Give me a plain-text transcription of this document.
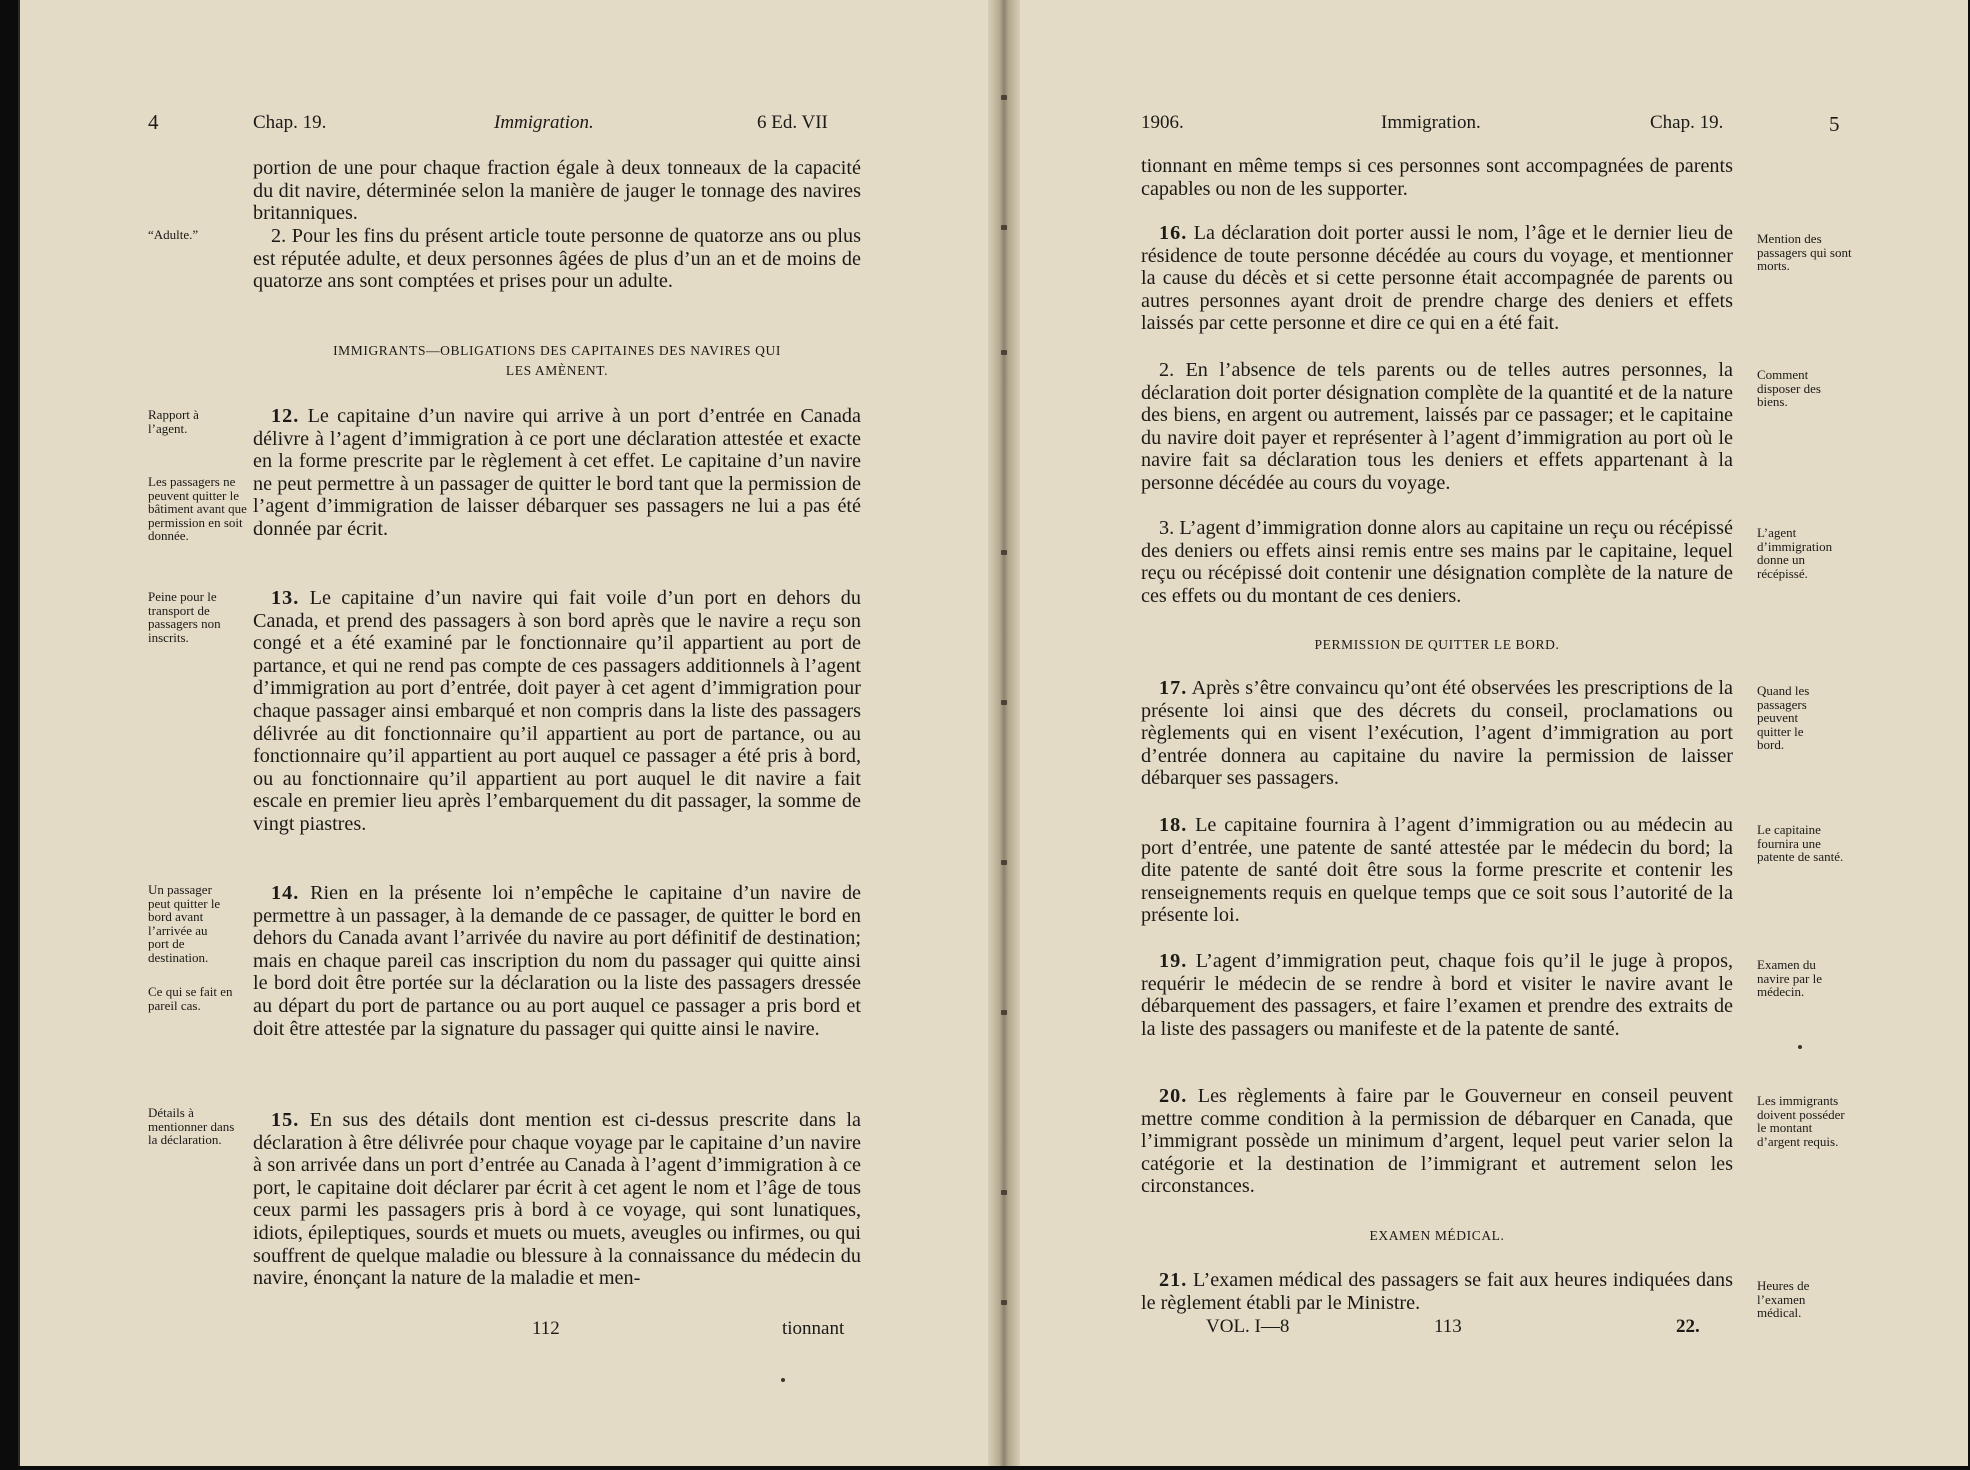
4	Chap. 19.	Immigration.	6 Ed. VII

portion de une pour chaque fraction égale à deux tonneaux de la capacité du dit navire, déterminée selon la manière de jauger le tonnage des navires britanniques.

2. Pour les fins du présent article toute personne de quatorze ans ou plus est réputée adulte, et deux personnes âgées de plus d’un an et de moins de quatorze ans sont comptées et prises pour un adulte.

IMMIGRANTS—OBLIGATIONS DES CAPITAINES DES NAVIRES QUI
LES AMÈNENT.

12. Le capitaine d’un navire qui arrive à un port d’entrée en Canada délivre à l’agent d’immigration à ce port une déclaration attestée et exacte en la forme prescrite par le règlement à cet effet. Le capitaine d’un navire ne peut permettre à un passager de quitter le bord tant que la permission de l’agent d’immigration de laisser débarquer ses passagers ne lui a pas été donnée par écrit.

13. Le capitaine d’un navire qui fait voile d’un port en dehors du Canada, et prend des passagers à son bord après que le navire a reçu son congé et a été examiné par le fonctionnaire qu’il appartient au port de partance, et qui ne rend pas compte de ces passagers additionnels à l’agent d’immigration au port d’entrée, doit payer à cet agent d’immigration pour chaque passager ainsi embarqué et non compris dans la liste des passagers délivrée au dit fonctionnaire qu’il appartient au port de partance, ou au fonctionnaire qu’il appartient au port auquel ce passager a été pris à bord, ou au fonctionnaire qu’il appartient au port auquel le dit navire a fait escale en premier lieu après l’embarquement du dit passager, la somme de vingt piastres.

14. Rien en la présente loi n’empêche le capitaine d’un navire de permettre à un passager, à la demande de ce passager, de quitter le bord en dehors du Canada avant l’arrivée du navire au port définitif de destination; mais en chaque pareil cas inscription du nom du passager qui quitte ainsi le bord doit être portée sur la déclaration ou la liste des passagers dressée au départ du port de partance ou au port auquel ce passager a pris bord et doit être attestée par la signature du passager qui quitte ainsi le navire.

15. En sus des détails dont mention est ci-dessus prescrite dans la déclaration à être délivrée pour chaque voyage par le capitaine d’un navire à son arrivée dans un port d’entrée au Canada à l’agent d’immigration à ce port, le capitaine doit déclarer par écrit à cet agent le nom et l’âge de tous ceux parmi les passagers pris à bord à ce voyage, qui sont lunatiques, idiots, épileptiques, sourds et muets ou muets, aveugles ou infirmes, ou qui souffrent de quelque maladie ou blessure à la connaissance du médecin du navire, énonçant la nature de la maladie et men-

“Adulte.”
Rapport à l’agent.
Les passagers ne peuvent quitter le bâtiment avant que permission en soit donnée.
Peine pour le transport de passagers non inscrits.
Un passager peut quitter le bord avant l’arrivée au port de destination.
Ce qui se fait en pareil cas.
Détails à mentionner dans la déclaration.
112	tionnant
1906.	Immigration.	Chap. 19.	5

tionnant en même temps si ces personnes sont accompagnées de parents capables ou non de les supporter.

16. La déclaration doit porter aussi le nom, l’âge et le dernier lieu de résidence de toute personne décédée au cours du voyage, et mentionner la cause du décès et si cette personne était accompagnée de parents ou autres personnes ayant droit de prendre charge des deniers et effets laissés par cette personne et dire ce qui en a été fait.

2. En l’absence de tels parents ou de telles autres personnes, la déclaration doit porter désignation complète de la quantité et de la nature des biens, en argent ou autrement, laissés par ce passager; et le capitaine du navire doit payer et représenter à l’agent d’immigration au port où le navire fait sa déclaration tous les deniers et effets appartenant à la personne décédée au cours du voyage.

3. L’agent d’immigration donne alors au capitaine un reçu ou récépissé des deniers ou effets ainsi remis entre ses mains par le capitaine, lequel reçu ou récépissé doit contenir une désignation complète de la nature de ces effets ou du montant de ces deniers.

PERMISSION DE QUITTER LE BORD.

17. Après s’être convaincu qu’ont été observées les prescriptions de la présente loi ainsi que des décrets du conseil, proclamations ou règlements qui en visent l’exécution, l’agent d’immigration au port d’entrée donnera au capitaine du navire la permission de laisser débarquer ses passagers.

18. Le capitaine fournira à l’agent d’immigration ou au médecin au port d’entrée, une patente de santé attestée par le médecin du bord; la dite patente de santé doit être sous la forme prescrite et contenir les renseignements requis en quelque temps que ce soit sous l’autorité de la présente loi.

19. L’agent d’immigration peut, chaque fois qu’il le juge à propos, requérir le médecin de se rendre à bord et visiter le navire avant le débarquement des passagers, et faire l’examen et prendre des extraits de la liste des passagers ou manifeste et de la patente de santé.

20. Les règlements à faire par le Gouverneur en conseil peuvent mettre comme condition à la permission de débarquer en Canada, que l’immigrant possède un minimum d’argent, lequel peut varier selon la catégorie et la destination de l’immigrant et autrement selon les circonstances.

EXAMEN MÉDICAL.

21. L’examen médical des passagers se fait aux heures indiquées dans le règlement établi par le Ministre.

Mention des passagers qui sont morts.
Comment disposer des biens.
L’agent d’immigration donne un récépissé.
Quand les passagers peuvent quitter le bord.
Le capitaine fournira une patente de santé.
Examen du navire par le médecin.
Les immigrants doivent posséder le montant d’argent requis.
Heures de l’examen médical.
VOL. I—8	113	22.
